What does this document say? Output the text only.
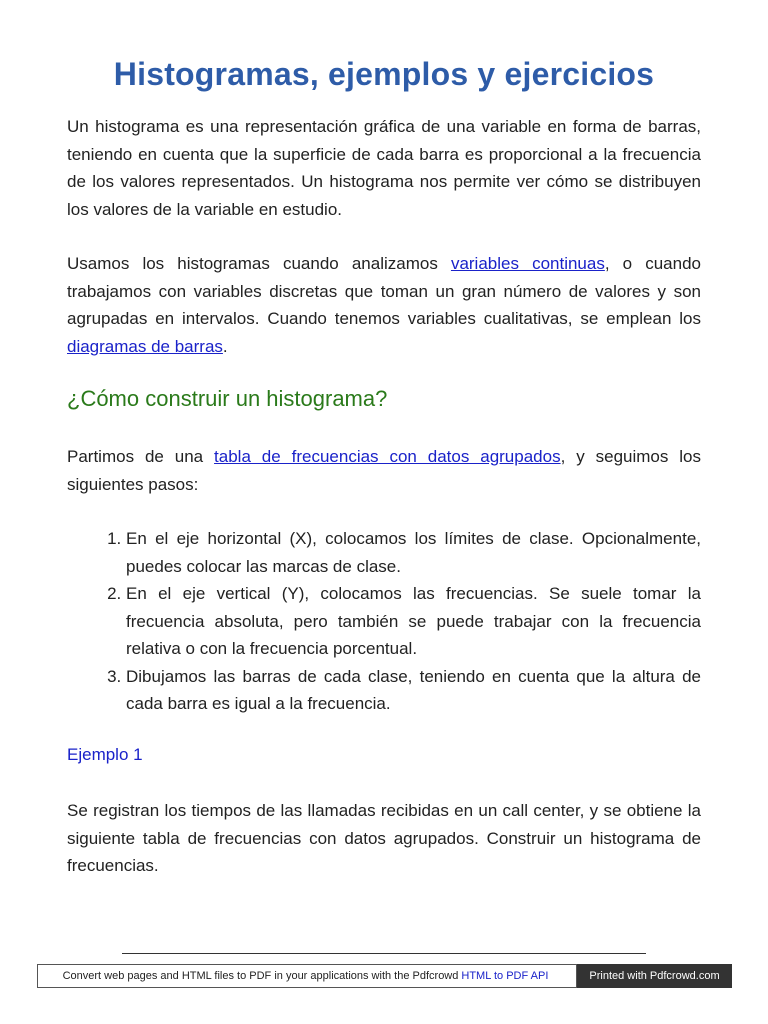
Histogramas, ejemplos y ejercicios

Un histograma es una representación gráfica de una variable en forma de barras, teniendo en cuenta que la superficie de cada barra es proporcional a la frecuencia de los valores representados. Un histograma nos permite ver cómo se distribuyen los valores de la variable en estudio.

Usamos los histogramas cuando analizamos variables continuas, o cuando trabajamos con variables discretas que toman un gran número de valores y son agrupadas en intervalos. Cuando tenemos variables cualitativas, se emplean los diagramas de barras.

¿Cómo construir un histograma?

Partimos de una tabla de frecuencias con datos agrupados, y seguimos los siguientes pasos:

1. En el eje horizontal (X), colocamos los límites de clase. Opcionalmente, puedes colocar las marcas de clase.
2. En el eje vertical (Y), colocamos las frecuencias. Se suele tomar la frecuencia absoluta, pero también se puede trabajar con la frecuencia relativa o con la frecuencia porcentual.
3. Dibujamos las barras de cada clase, teniendo en cuenta que la altura de cada barra es igual a la frecuencia.
Ejemplo 1

Se registran los tiempos de las llamadas recibidas en un call center, y se obtiene la siguiente tabla de frecuencias con datos agrupados. Construir un histograma de frecuencias.

Convert web pages and HTML files to PDF in your applications with the Pdfcrowd HTML to PDF API	Printed with Pdfcrowd.com
